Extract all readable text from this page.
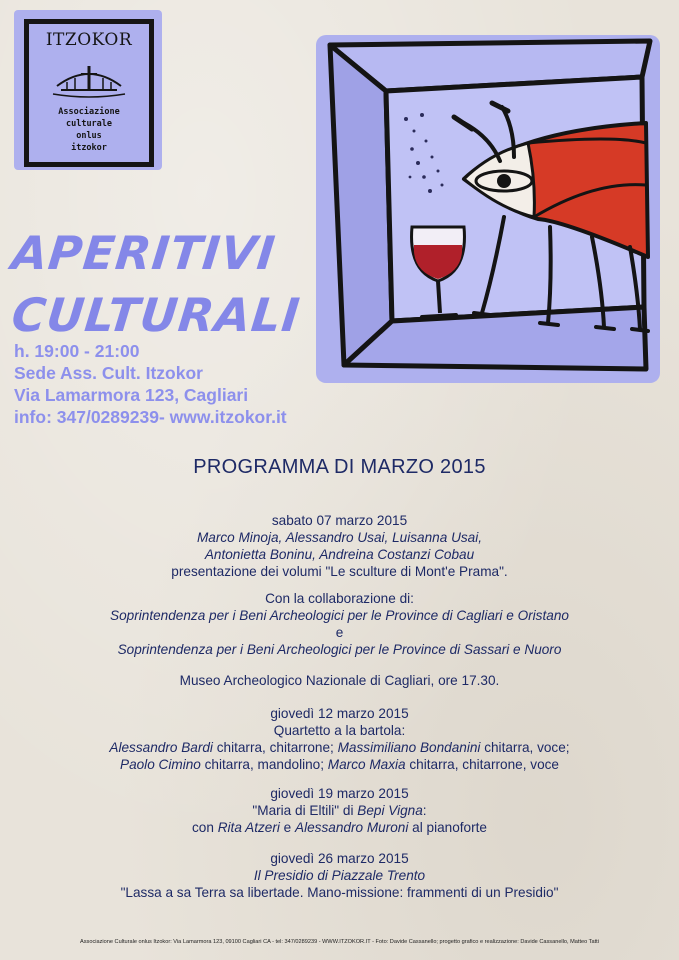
ITZOKOR
Associazione
culturale
onlus
itzokor
APERITIVI
CULTURALI
h. 19:00 - 21:00
Sede Ass. Cult. Itzokor
Via Lamarmora 123, Cagliari
info: 347/0289239- www.itzokor.it
PROGRAMMA DI MARZO 2015
sabato 07 marzo 2015
Marco Minoja, Alessandro Usai, Luisanna Usai,
Antonietta Boninu, Andreina Costanzi Cobau
presentazione dei volumi "Le sculture di Mont'e Prama".
Con la collaborazione di:
Soprintendenza per i Beni Archeologici per le Province di Cagliari e Oristano
e
Soprintendenza per i Beni Archeologici per le Province di Sassari e Nuoro
Museo Archeologico Nazionale di Cagliari, ore 17.30.
giovedì 12 marzo 2015
Quartetto a la bartola:
Alessandro Bardi chitarra, chitarrone; Massimiliano Bondanini chitarra, voce;
Paolo Cimino chitarra, mandolino; Marco Maxia chitarra, chitarrone, voce
giovedì 19 marzo 2015
"Maria di Eltili" di Bepi Vigna:
con Rita Atzeri e Alessandro Muroni al pianoforte
giovedì 26 marzo 2015
Il Presidio di Piazzale Trento
"Lassa a sa Terra sa libertade. Mano-missione: frammenti di un Presidio"
Associazione Culturale onlus Itzokor: Via Lamarmora 123, 09100 Cagliari CA - tel: 347/0289239 - WWW.ITZOKOR.IT - Foto: Davide Cassanello; progetto grafico e realizzazione: Davide Cassanello, Matteo Tatti
